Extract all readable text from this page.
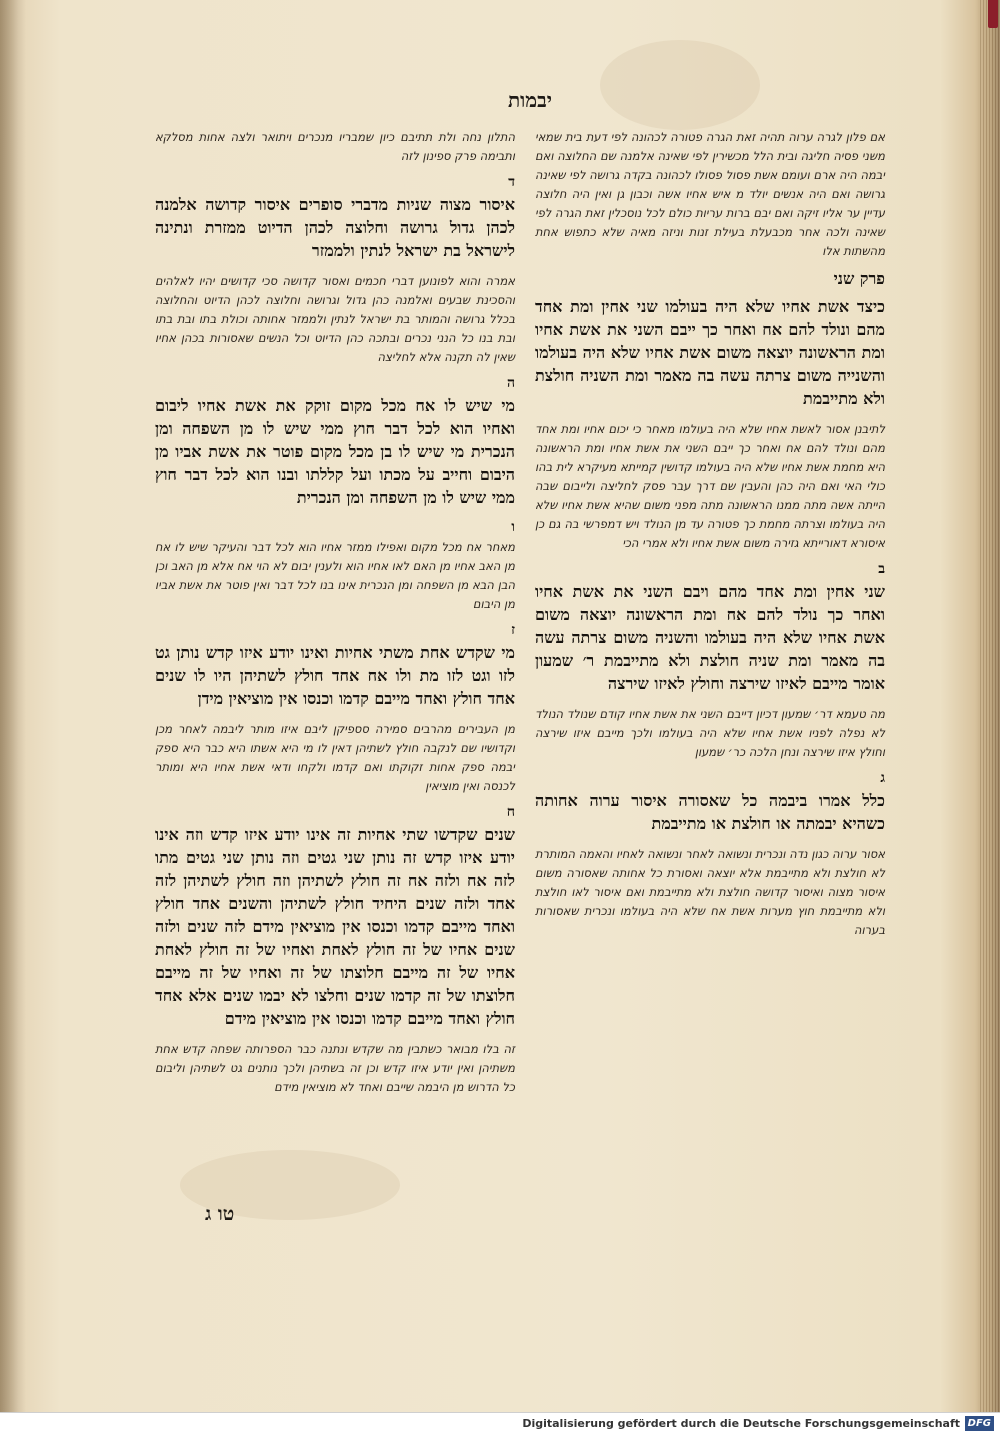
יבמות
אם פלון לגרה ערוה תהיה זאת הגרה פטורה לכהונה לפי דעת בית שמאי משני פסיה חליגה ובית הלל מכשירין לפי שאינה אלמנה שם החלוצה ואם יבמה היה ארם ועומם אשת פסול פסולו לכהונה בקדה גרושה לפי שאינה גרושה ואם היה אנשים יולד מ איש אחיו אשה וכבון גן ואין היה חלוצה עדיין ער אליו זיקה ואם יבם ברות עריות כולם לכל נוסכלין זאת הגרה לפי שאינה ולכה אחר מכבעלת בעילת זנות וניזה מאיה שלא כתפוש אחת מהשתות אלו
פרק שני
כיצד אשת אחיו שלא היה בעולמו שני אחין ומת אחד מהם ונולד להם אח ואחר כך ייבם השני את אשת אחיו ומת הראשונה יוצאה משום אשת אחיו שלא היה בעולמו והשנייה משום צרתה עשה בה מאמר ומת השניה חולצת ולא מתייבמת
לתיבנן אסור לאשת אחיו שלא היה בעולמו מאחר כי יכום אחיו ומת אחד מהם ונולד להם אח ואחר כך ייבם השני את אשת אחיו ומת הראשונה היא מחמת אשת אחיו שלא היה בעולמו קדושין קמייתא מעיקרא לית בהו כולי האי ואם היה כהן והעבין שם דרך עבר פסק לחליצה ולייבום שבה הייתה אשה מתה ממנו הראשונה מתה מפני משום שהיא אשת אחיו שלא היה בעולמו וצרתה מחמת כך פטורה עד מן הנולד ויש דמפרשי בה גם כן איסורא דאורייתא גזירה משום אשת אחיו ולא אמרי הכי
ב
שני אחין ומת אחד מהם ויבם השני את אשת אחיו ואחר כך נולד להם אח ומת הראשונה יוצאה משום אשת אחיו שלא היה בעולמו והשניה משום צרתה עשה בה מאמר ומת שניה חולצת ולא מתייבמת ר׳ שמעון אומר מייבם לאיזו שירצה וחולץ לאיזו שירצה
מה טעמא דר׳ שמעון דכיון דייבם השני את אשת אחיו קודם שנולד הנולד לא נפלה לפניו אשת אחיו שלא היה בעולמו ולכך מייבם איזו שירצה וחולץ איזו שירצה ונחן הלכה כר׳ שמעון
ג
כלל אמרו ביבמה כל שאסורה איסור ערוה אחותה כשהיא יבמתה או חולצת או מתייבמת
אסור ערוה כגון נדה ונכרית ונשואה לאחר ונשואה לאחיו והאמה המותרת לא חולצת ולא מתייבמת אלא יוצאה ואסורת כל אחותה שאסורה משום איסור מצוה ואיסור קדושה חולצת ולא מתייבמת ואם איסור לאו חולצת ולא מתייבמת חוץ מערות אשת אח שלא היה בעולמו ונכרית שאסורות בערוה
התלון נחה ולת תתיבם כיון שמבריו מנכרים ויתואר ולצה אחות מסלקא ותבימה פרק ספינון לזה
ד
איסור מצוה שניות מדברי סופרים איסור קדושה אלמנה לכהן גדול גרושה וחלוצה לכהן הדיוט ממזרת ונתינה לישראל בת ישראל לנתין ולממזר
אמרה והוא לפונוען דברי חכמים ואסור קדושה סכי קדושים יהיו לאלהים והסכינת שבעים ואלמנה כהן גדול וגרושה וחלוצה לכהן הדיוט והחלוצה בכלל גרושה והמותר בת ישראל לנתין ולממזר אחותה וכולת בתו ובת בתו ובת בנו כל הנני נכרים ובתכה כהן הדיוט וכל הנשים שאסורות בכהן אחיו שאין לה תקנה אלא לחליצה
ה
מי שיש לו אח מכל מקום זוקק את אשת אחיו ליבום ואחיו הוא לכל דבר חוץ ממי שיש לו מן השפחה ומן הנכרית מי שיש לו בן מכל מקום פוטר את אשת אביו מן היבום וחייב על מכתו ועל קללתו ובנו הוא לכל דבר חוץ ממי שיש לו מן השפחה ומן הנכרית
ו
מאחר אח מכל מקום ואפילו ממזר אחיו הוא לכל דבר והעיקר שיש לו אח מן האב אחיו מן האם לאו אחיו הוא ולענין יבום לא הוי אח אלא מן האב וכן הבן הבא מן השפחה ומן הנכרית אינו בנו לכל דבר ואין פוטר את אשת אביו מן היבום
ז
מי שקדש אחת משתי אחיות ואינו יודע איזו קדש נותן גט לזו וגט לזו מת ולו אח אחד חולץ לשתיהן היו לו שנים אחד חולץ ואחד מייבם קדמו וכנסו אין מוציאין מידן
מן העבירים מהרבים סמירה סספיקן ליבם איזו מותר ליבמה לאחר מכן וקדושיו שם לנקבה חולץ לשתיהן דאין לו מי היא אשתו היא כבר היא ספק יבמה ספק אחות זקוקתו ואם קדמו ולקחו ודאי אשת אחיו היא ומותר לכנסה ואין מוציאין
ח
שנים שקדשו שתי אחיות זה אינו יודע איזו קדש וזה אינו יודע איזו קדש זה נותן שני גטים וזה נותן שני גטים מתו לזה אח ולזה אח זה חולץ לשתיהן וזה חולץ לשתיהן לזה אחד ולזה שנים היחיד חולץ לשתיהן והשנים אחד חולץ ואחד מייבם קדמו וכנסו אין מוציאין מידם לזה שנים ולזה שנים אחיו של זה חולץ לאחת ואחיו של זה חולץ לאחת אחיו של זה מייבם חלוצתו של זה ואחיו של זה מייבם חלוצתו של זה קדמו שנים וחלצו לא יבמו שנים אלא אחד חולץ ואחד מייבם קדמו וכנסו אין מוציאין מידם
זה בלו מבואר כשתבין מה שקדש ונתנה כבר הספרותה שפחה קדש אחת משתיהן ואין יודע איזו קדש וכן זה בשתיהן ולכך נותנים גט לשתיהן וליבום כל הדרוש מן היבמה שייבם ואחד לא מוציאין מידם
טו ג
Digitalisierung gefördert durch die Deutsche Forschungsgemeinschaft DFG
